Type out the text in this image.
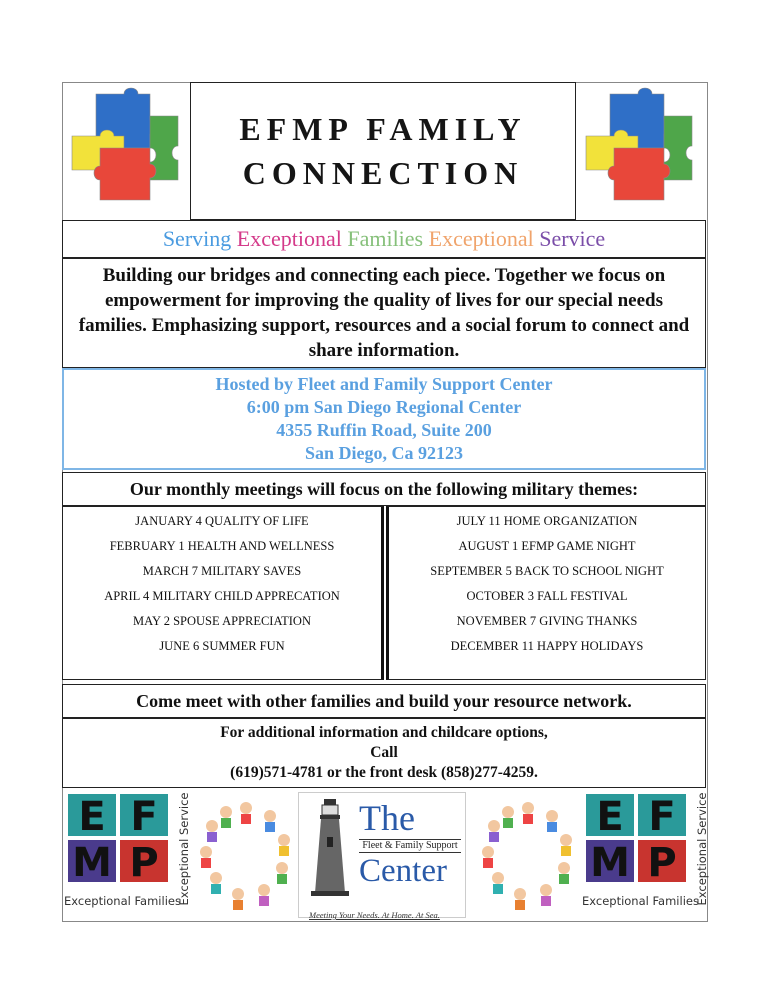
EFMP FAMILY
CONNECTION
Serving
Exceptional
Families
Exceptional
Service
Building our bridges and connecting each piece. Together we focus on empowerment for improving the quality of lives for our special needs families. Emphasizing support, resources and a social forum to connect and share information.
Hosted by Fleet and Family Support Center
6:00 pm San Diego Regional Center
4355 Ruffin Road, Suite 200
San Diego, Ca 92123
Our monthly meetings will focus on the following military themes:
JANUARY 4 QUALITY OF LIFE
FEBRUARY 1 HEALTH AND WELLNESS
MARCH 7 MILITARY SAVES
APRIL 4 MILITARY CHILD APPRECATION
MAY 2 SPOUSE APPRECIATION
JUNE 6 SUMMER FUN
JULY 11 HOME ORGANIZATION
AUGUST 1 EFMP GAME NIGHT
SEPTEMBER 5 BACK TO SCHOOL NIGHT
OCTOBER 3 FALL FESTIVAL
NOVEMBER 7 GIVING THANKS
DECEMBER 11 HAPPY HOLIDAYS
Come meet with other families and build your resource network.
For additional information and childcare options,
Call
(619)571-4781 or the front desk (858)277-4259.
E F
M P Exceptional Service
Exceptional Families
The
Fleet & Family Support
Center
Meeting Your Needs. At Home. At Sea.
E F
M P Exceptional Service
Exceptional Families
